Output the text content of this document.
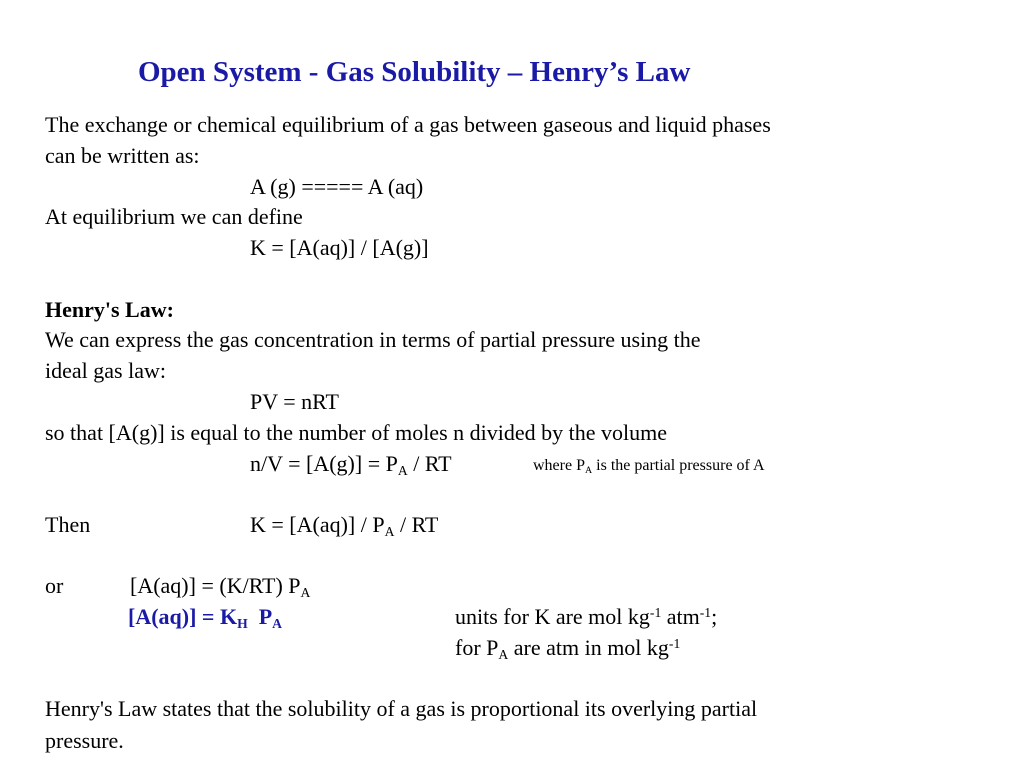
Open System - Gas Solubility – Henry’s Law
The exchange or chemical equilibrium of a gas between gaseous and liquid phases
can be written as:
A (g) ===== A (aq)
At equilibrium we can define
K = [A(aq)] / [A(g)]
Henry's Law:
We can express the gas concentration in terms of partial pressure using the
ideal gas law:
PV = nRT
so that [A(g)] is equal to the number of moles n divided by the volume
$n/V = [A(g)] = P_A$ / RT	where $P_A$ is the partial pressure of A
Then	$K = [A(aq)] / P_A$ / RT
or	[A(aq)] = (K/RT) $P_A$
$[A(aq)] = K_H$  $P_A$	units for K are mol $kg^{-1}$ atm$^{-1}$;
for $P_A$ are atm in mol $kg^{-1}$
Henry's Law states that the solubility of a gas is proportional its overlying partial
pressure.
